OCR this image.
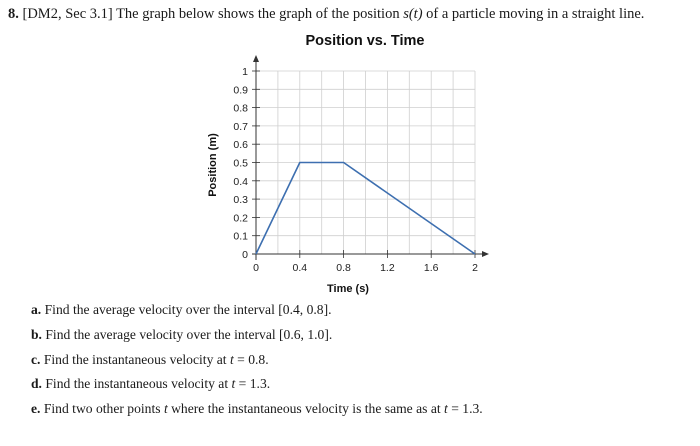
8. [DM2, Sec 3.1] The graph below shows the graph of the position s(t) of a particle moving in a straight line.
Position vs. Time
0
0.1
0.2
0.3
0.4
0.5
0.6
0.7
0.8
0.9
1
0	0.4	0.8	1.2	1.6	2
Time (s)
Position (m)
a. Find the average velocity over the interval [0.4, 0.8].
b. Find the average velocity over the interval [0.6, 1.0].
c. Find the instantaneous velocity at t = 0.8.
d. Find the instantaneous velocity at t = 1.3.
e. Find two other points t where the instantaneous velocity is the same as at t = 1.3.
